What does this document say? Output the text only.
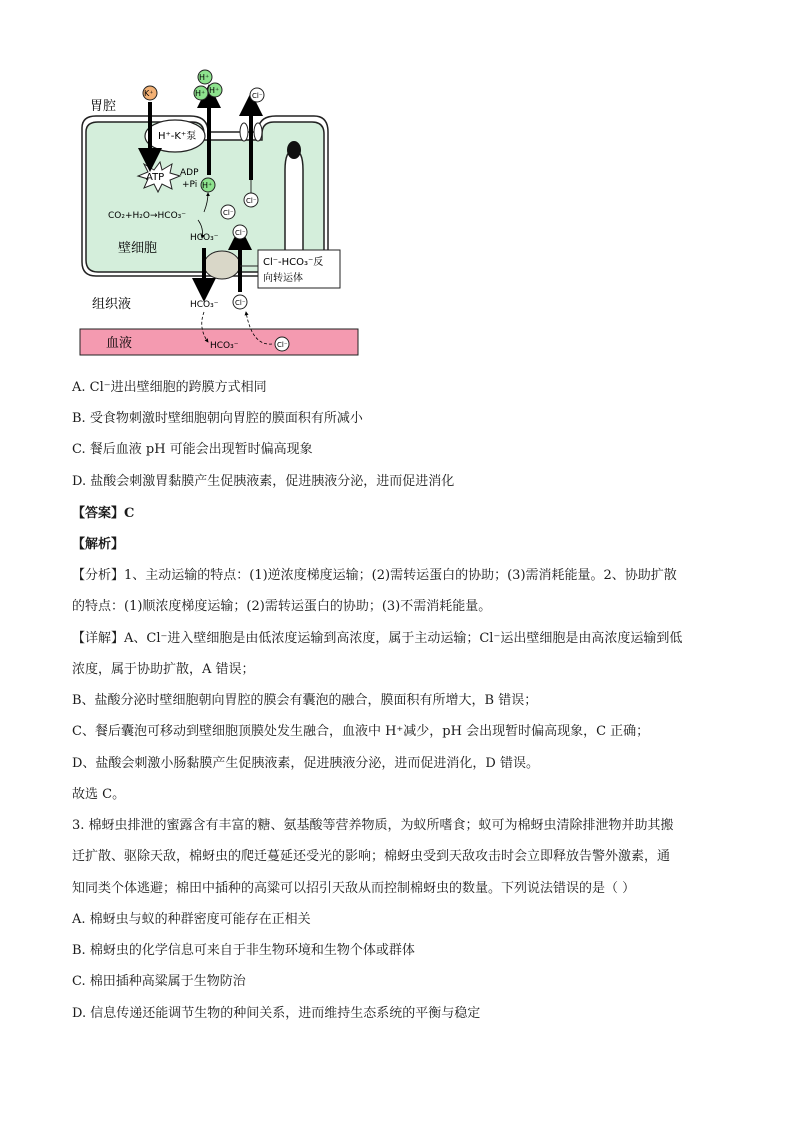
H⁺-K⁺泵
ATP ADP
+Pi
K⁺
H⁺
H⁺
H⁺ H⁺
Cl⁻
Cl⁻
CO₂+H₂O→HCO₃⁻	Cl⁻
HCO₃⁻
壁细胞
Cl⁻
Cl⁻-HCO₃⁻反
向转运体
组织液	HCO₃⁻ Cl⁻
血液	HCO₃⁻	Cl⁻
胃腔
A. Cl⁻进出壁细胞的跨膜方式相同
B. 受食物刺激时壁细胞朝向胃腔的膜面积有所减小
C. 餐后血液 pH 可能会出现暂时偏高现象
D. 盐酸会刺激胃黏膜产生促胰液素，促进胰液分泌，进而促进消化
【答案】C
【解析】
【分析】1、主动运输的特点：(1)逆浓度梯度运输；(2)需转运蛋白的协助；(3)需消耗能量。2、协助扩散
的特点：(1)顺浓度梯度运输；(2)需转运蛋白的协助；(3)不需消耗能量。
【详解】A、Cl⁻进入壁细胞是由低浓度运输到高浓度，属于主动运输；Cl⁻运出壁细胞是由高浓度运输到低
浓度，属于协助扩散，A 错误；
B、盐酸分泌时壁细胞朝向胃腔的膜会有囊泡的融合，膜面积有所增大，B 错误；
C、餐后囊泡可移动到壁细胞顶膜处发生融合，血液中 H⁺减少，pH 会出现暂时偏高现象，C 正确；
D、盐酸会刺激小肠黏膜产生促胰液素，促进胰液分泌，进而促进消化，D 错误。
故选 C。
3. 棉蚜虫排泄的蜜露含有丰富的糖、氨基酸等营养物质，为蚁所嗜食；蚁可为棉蚜虫清除排泄物并助其搬
迁扩散、驱除天敌，棉蚜虫的爬迁蔓延还受光的影响；棉蚜虫受到天敌攻击时会立即释放告警外激素，通
知同类个体逃避；棉田中插种的高粱可以招引天敌从而控制棉蚜虫的数量。下列说法错误的是（ ）
A. 棉蚜虫与蚁的种群密度可能存在正相关
B. 棉蚜虫的化学信息可来自于非生物环境和生物个体或群体
C. 棉田插种高粱属于生物防治
D. 信息传递还能调节生物的种间关系，进而维持生态系统的平衡与稳定
